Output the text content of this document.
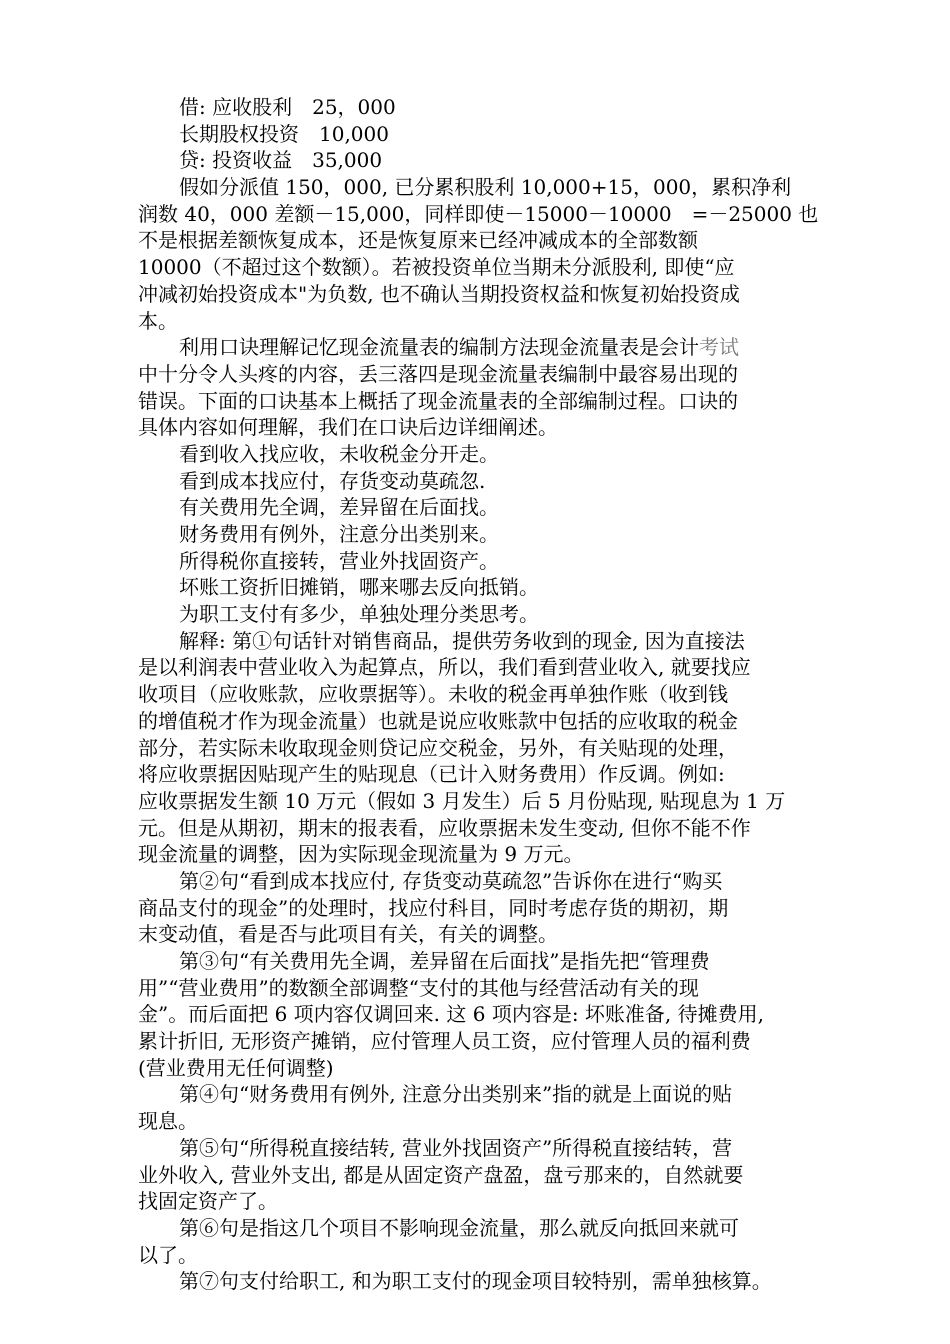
借: 应收股利　25，000
长期股权投资　10,000
贷: 投资收益　35,000
假如分派值 150，000, 已分累积股利 10,000+15，000，累积净利
润数 40，000 差额－15,000，同样即使－15000－10000　=－25000 也
不是根据差额恢复成本，还是恢复原来已经冲减成本的全部数额
10000（不超过这个数额）。若被投资单位当期未分派股利, 即使“应
冲减初始投资成本"为负数, 也不确认当期投资权益和恢复初始投资成
本。
利用口诀理解记忆现金流量表的编制方法现金流量表是会计考试
中十分令人头疼的内容，丢三落四是现金流量表编制中最容易出现的
错误。下面的口诀基本上概括了现金流量表的全部编制过程。口诀的
具体内容如何理解，我们在口诀后边详细阐述。
看到收入找应收，未收税金分开走。
看到成本找应付，存货变动莫疏忽.
有关费用先全调，差异留在后面找。
财务费用有例外，注意分出类别来。
所得税你直接转，营业外找固资产。
坏账工资折旧摊销，哪来哪去反向抵销。
为职工支付有多少，单独处理分类思考。
解释: 第①句话针对销售商品，提供劳务收到的现金, 因为直接法
是以利润表中营业收入为起算点，所以，我们看到营业收入, 就要找应
收项目（应收账款，应收票据等）。未收的税金再单独作账（收到钱
的增值税才作为现金流量）也就是说应收账款中包括的应收取的税金
部分，若实际未收取现金则贷记应交税金，另外，有关贴现的处理，
将应收票据因贴现产生的贴现息（已计入财务费用）作反调。例如:
应收票据发生额 10 万元（假如 3 月发生）后 5 月份贴现, 贴现息为 1 万
元。但是从期初，期末的报表看，应收票据未发生变动, 但你不能不作
现金流量的调整，因为实际现金现流量为 9 万元。
第②句“看到成本找应付, 存货变动莫疏忽”告诉你在进行“购买
商品支付的现金”的处理时，找应付科目，同时考虑存货的期初，期
末变动值，看是否与此项目有关，有关的调整。
第③句“有关费用先全调，差异留在后面找”是指先把“管理费
用”“营业费用”的数额全部调整“支付的其他与经营活动有关的现
金”。而后面把 6 项内容仅调回来. 这 6 项内容是: 坏账准备, 待摊费用,
累计折旧, 无形资产摊销，应付管理人员工资，应付管理人员的福利费
(营业费用无任何调整)
第④句“财务费用有例外, 注意分出类别来”指的就是上面说的贴
现息。
第⑤句“所得税直接结转, 营业外找固资产”所得税直接结转，营
业外收入, 营业外支出, 都是从固定资产盘盈，盘亏那来的，自然就要
找固定资产了。
第⑥句是指这几个项目不影响现金流量，那么就反向抵回来就可
以了。
第⑦句支付给职工, 和为职工支付的现金项目较特别，需单独核算。
